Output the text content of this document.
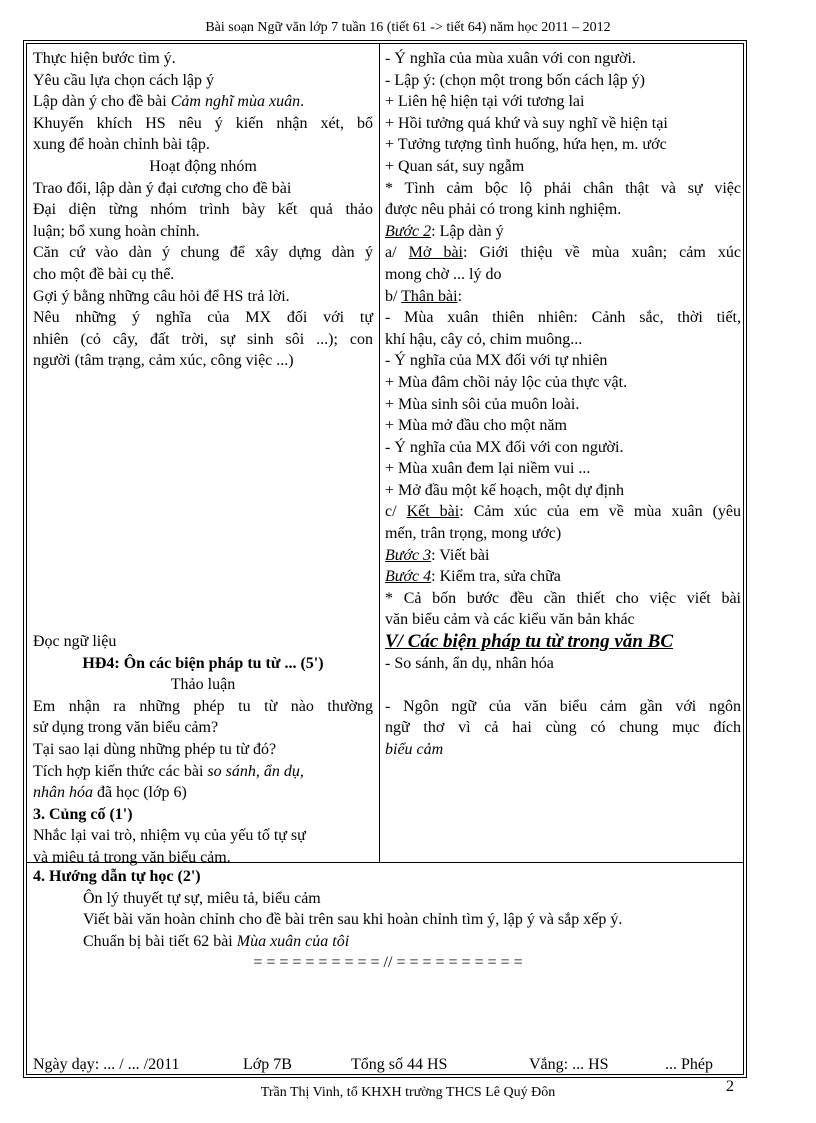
Bài soạn Ngữ văn lớp 7 tuần 16 (tiết 61 -> tiết 64) năm học 2011 – 2012
Thực hiện bước tìm ý.
Yêu cầu lựa chọn cách lập ý
Lập dàn ý cho đề bài Cảm nghĩ mùa xuân.
Khuyến khích HS nêu ý kiến nhận xét, bổ
xung để hoàn chỉnh bài tập.
Hoạt động nhóm
Trao đổi, lập dàn ý đại cương cho đề bài
Đại diện từng nhóm trình bày kết quả thảo
luận; bổ xung hoàn chỉnh.
Căn cứ vào dàn ý chung để xây dựng dàn ý
cho một đề bài cụ thể.
Gợi ý bằng những câu hỏi để HS trả lời.
Nêu những ý nghĩa của MX đối với tự
nhiên (cỏ cây, đất trời, sự sinh sôi ...); con
người (tâm trạng, cảm xúc, công việc ...)
Đọc ngữ liệu
HĐ4: Ôn các biện pháp tu từ ... (5')
Thảo luận
Em nhận ra những phép tu từ nào thường
sử dụng trong văn biểu cảm?
Tại sao lại dùng những phép tu từ đó?
Tích hợp kiến thức các bài so sánh, ẩn dụ,
nhân hóa đã học (lớp 6)
3. Củng cố (1')
Nhắc lại vai trò, nhiệm vụ của yếu tố tự sự
và miêu tả trong văn biểu cảm.
- Ý nghĩa của mùa xuân với con người.
- Lập ý: (chọn một trong bốn cách lập ý)
+ Liên hệ hiện tại với tương lai
+ Hồi tưởng quá khứ và suy nghĩ về hiện tại
+ Tưởng tượng tình huống, hứa hẹn, m. ước
+ Quan sát, suy ngẫm
* Tình cảm bộc lộ phải chân thật và sự việc
được nêu phải có trong kinh nghiệm.
Bước 2: Lập dàn ý
a/ Mở bài: Giới thiệu về mùa xuân; cảm xúc
mong chờ ... lý do
b/ Thân bài:
- Mùa xuân thiên nhiên: Cảnh sắc, thời tiết,
khí hậu, cây cỏ, chim muông...
- Ý nghĩa của MX đối với tự nhiên
+ Mùa đâm chồi nảy lộc của thực vật.
+ Mùa sinh sôi của muôn loài.
+ Mùa mở đầu cho một năm
- Ý nghĩa của MX đối với con người.
+ Mùa xuân đem lại niềm vui ...
+ Mở đầu một kế hoạch, một dự định
c/ Kết bài: Cảm xúc của em về mùa xuân (yêu
mến, trân trọng, mong ước)
Bước 3: Viết bài
Bước 4: Kiểm tra, sửa chữa
* Cả bốn bước đều cần thiết cho việc viết bài
văn biểu cảm và các kiểu văn bản khác
V/ Các biện pháp tu từ trong văn BC
- So sánh, ẩn dụ, nhân hóa
- Ngôn ngữ của văn biểu cảm gần với ngôn
ngữ thơ vì cả hai cùng có chung mục đích
biểu cảm
4. Hướng dẫn tự học (2')
Ôn lý thuyết tự sự, miêu tả, biểu cảm
Viết bài văn hoàn chỉnh cho đề bài trên sau khi hoàn chỉnh tìm ý, lập ý và sắp xếp ý.
Chuẩn bị bài tiết 62 bài Mùa xuân của tôi
= = = = = = = = = = // = = = = = = = = = =
Ngày dạy: ... / ... /2011	Lớp 7B	Tổng số 44 HS	Vắng: ... HS	... Phép
Trần Thị Vinh, tổ KHXH trường THCS Lê Quý Đôn	2
